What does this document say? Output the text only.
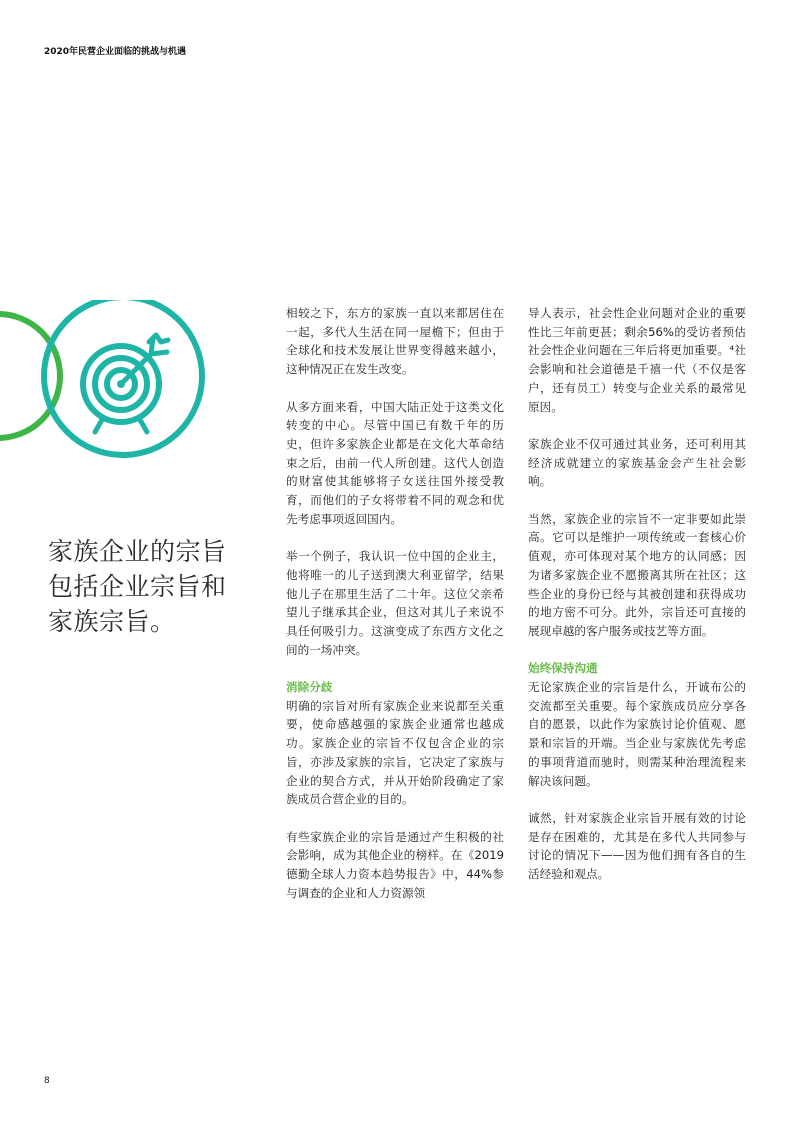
2020年民营企业面临的挑战与机遇
家族企业的宗旨包括企业宗旨和家族宗旨。

相较之下，东方的家族一直以来都居住在一起，多代人生活在同一屋檐下；但由于全球化和技术发展让世界变得越来越小，这种情况正在发生改变。

从多方面来看，中国大陆正处于这类文化转变的中心。尽管中国已有数千年的历史，但许多家族企业都是在文化大革命结束之后，由前一代人所创建。这代人创造的财富使其能够将子女送往国外接受教育，而他们的子女将带着不同的观念和优先考虑事项返回国内。

举一个例子，我认识一位中国的企业主，他将唯一的儿子送到澳大利亚留学，结果他儿子在那里生活了二十年。这位父亲希望儿子继承其企业，但这对其儿子来说不具任何吸引力。这演变成了东西方文化之间的一场冲突。

消除分歧

明确的宗旨对所有家族企业来说都至关重要，使命感越强的家族企业通常也越成功。家族企业的宗旨不仅包含企业的宗旨，亦涉及家族的宗旨，它决定了家族与企业的契合方式，并从开始阶段确定了家族成员合营企业的目的。

有些家族企业的宗旨是通过产生积极的社会影响，成为其他企业的榜样。在《2019德勤全球人力资本趋势报告》中，44%参与调查的企业和人力资源领

导人表示，社会性企业问题对企业的重要性比三年前更甚；剩余56%的受访者预估社会性企业问题在三年后将更加重要。⁴社会影响和社会道德是千禧一代（不仅是客户，还有员工）转变与企业关系的最常见原因。

家族企业不仅可通过其业务，还可利用其经济成就建立的家族基金会产生社会影响。

当然，家族企业的宗旨不一定非要如此崇高。它可以是维护一项传统或一套核心价值观，亦可体现对某个地方的认同感；因为诸多家族企业不愿搬离其所在社区；这些企业的身份已经与其被创建和获得成功的地方密不可分。此外，宗旨还可直接的展现卓越的客户服务或技艺等方面。

始终保持沟通

无论家族企业的宗旨是什么，开诚布公的交流都至关重要。每个家族成员应分享各自的愿景，以此作为家族讨论价值观、愿景和宗旨的开端。当企业与家族优先考虑的事项背道而驰时，则需某种治理流程来解决该问题。

诚然，针对家族企业宗旨开展有效的讨论是存在困难的，尤其是在多代人共同参与讨论的情况下——因为他们拥有各自的生活经验和观点。

8
